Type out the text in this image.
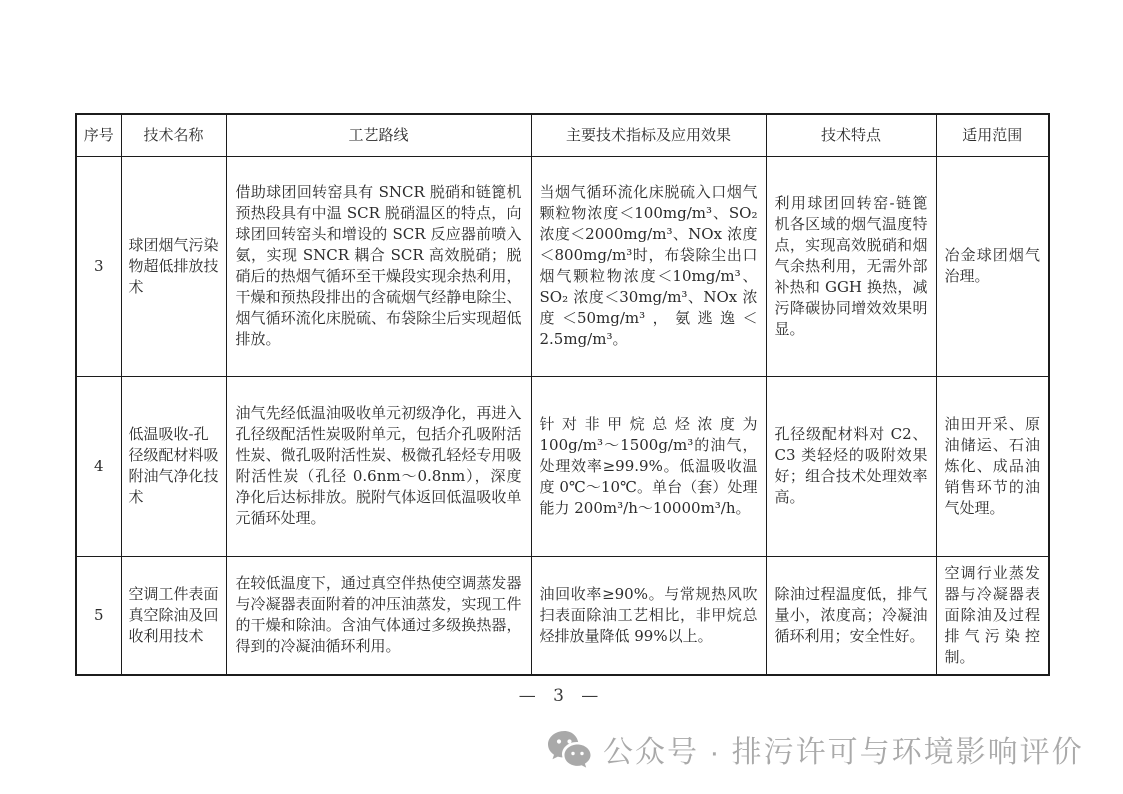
序号	技术名称	工艺路线	主要技术指标及应用效果	技术特点	适用范围
3	球团烟气污染物超低排放技术	借助球团回转窑具有 SNCR 脱硝和链篦机预热段具有中温 SCR 脱硝温区的特点，向球团回转窑头和增设的 SCR 反应器前喷入氨，实现 SNCR 耦合 SCR 高效脱硝；脱硝后的热烟气循环至干燥段实现余热利用，干燥和预热段排出的含硫烟气经静电除尘、烟气循环流化床脱硫、布袋除尘后实现超低排放。	当烟气循环流化床脱硫入口烟气颗粒物浓度＜100mg/m³、SO₂ 浓度＜2000mg/m³、NOx 浓度＜800mg/m³时，布袋除尘出口烟气颗粒物浓度＜10mg/m³、SO₂ 浓度＜30mg/m³、NOx 浓度＜50mg/m³，氨逃逸＜2.5mg/m³。	利用球团回转窑-链篦机各区域的烟气温度特点，实现高效脱硝和烟气余热利用，无需外部补热和 GGH 换热，减污降碳协同增效效果明显。	冶金球团烟气治理。
4	低温吸收-孔径级配材料吸附油气净化技术	油气先经低温油吸收单元初级净化，再进入孔径级配活性炭吸附单元，包括介孔吸附活性炭、微孔吸附活性炭、极微孔轻烃专用吸附活性炭（孔径 0.6nm～0.8nm），深度净化后达标排放。脱附气体返回低温吸收单元循环处理。	针对非甲烷总烃浓度为 100g/m³～1500g/m³的油气，处理效率≥99.9%。低温吸收温度 0℃～10℃。单台（套）处理能力 200m³/h～10000m³/h。	孔径级配材料对 C2、C3 类轻烃的吸附效果好；组合技术处理效率高。	油田开采、原油储运、石油炼化、成品油销售环节的油气处理。
5	空调工件表面真空除油及回收利用技术	在较低温度下，通过真空伴热使空调蒸发器与冷凝器表面附着的冲压油蒸发，实现工件的干燥和除油。含油气体通过多级换热器，得到的冷凝油循环利用。	油回收率≥90%。与常规热风吹扫表面除油工艺相比，非甲烷总烃排放量降低 99%以上。	除油过程温度低，排气量小，浓度高；冷凝油循环利用；安全性好。	空调行业蒸发器与冷凝器表面除油及过程排气污染控制。
— 3 —
公众号 · 排污许可与环境影响评价
